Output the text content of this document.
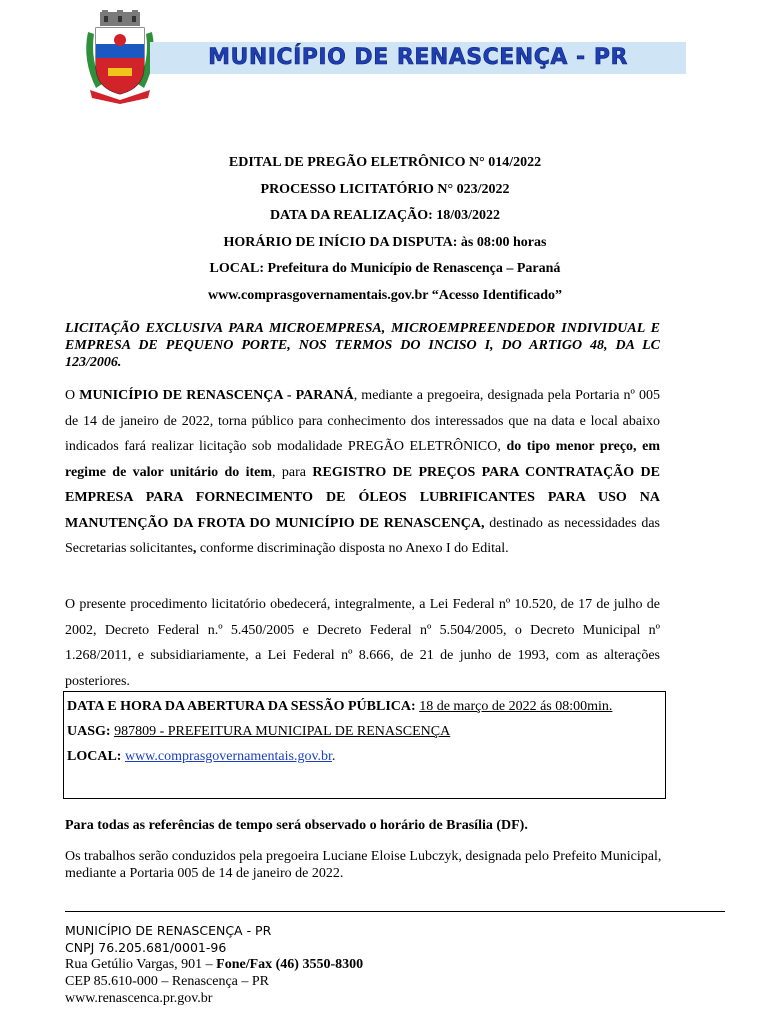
MUNICÍPIO DE RENASCENÇA - PR
EDITAL DE PREGÃO ELETRÔNICO N° 014/2022
PROCESSO LICITATÓRIO N° 023/2022
DATA DA REALIZAÇÃO: 18/03/2022
HORÁRIO DE INÍCIO DA DISPUTA: às 08:00 horas
LOCAL: Prefeitura do Município de Renascença – Paraná
www.comprasgovernamentais.gov.br “Acesso Identificado”
LICITAÇÃO EXCLUSIVA PARA MICROEMPRESA, MICROEMPREENDEDOR INDIVIDUAL E EMPRESA DE PEQUENO PORTE, NOS TERMOS DO INCISO I, DO ARTIGO 48, DA LC 123/2006.
O MUNICÍPIO DE RENASCENÇA - PARANÁ, mediante a pregoeira, designada pela Portaria nº 005 de 14 de janeiro de 2022, torna público para conhecimento dos interessados que na data e local abaixo indicados fará realizar licitação sob modalidade PREGÃO ELETRÔNICO, do tipo menor preço, em regime de valor unitário do item, para REGISTRO DE PREÇOS PARA CONTRATAÇÃO DE EMPRESA PARA FORNECIMENTO DE ÓLEOS LUBRIFICANTES PARA USO NA MANUTENÇÃO DA FROTA DO MUNICÍPIO DE RENASCENÇA, destinado as necessidades das Secretarias solicitantes, conforme discriminação disposta no Anexo I do Edital.
O presente procedimento licitatório obedecerá, integralmente, a Lei Federal nº 10.520, de 17 de julho de 2002, Decreto Federal n.º 5.450/2005 e Decreto Federal nº 5.504/2005, o Decreto Municipal nº 1.268/2011, e subsidiariamente, a Lei Federal nº 8.666, de 21 de junho de 1993, com as alterações posteriores.
DATA E HORA DA ABERTURA DA SESSÃO PÚBLICA: 18 de março de 2022 ás 08:00min.
UASG: 987809 - PREFEITURA MUNICIPAL DE RENASCENÇA
LOCAL: www.comprasgovernamentais.gov.br.
Para todas as referências de tempo será observado o horário de Brasília (DF).
Os trabalhos serão conduzidos pela pregoeira Luciane Eloise Lubczyk, designada pelo Prefeito Municipal, mediante a Portaria 005 de 14 de janeiro de 2022.
MUNICÍPIO DE RENASCENÇA - PR
CNPJ 76.205.681/0001-96
Rua Getúlio Vargas, 901 – Fone/Fax (46) 3550-8300
CEP 85.610-000 – Renascença – PR
www.renascenca.pr.gov.br
